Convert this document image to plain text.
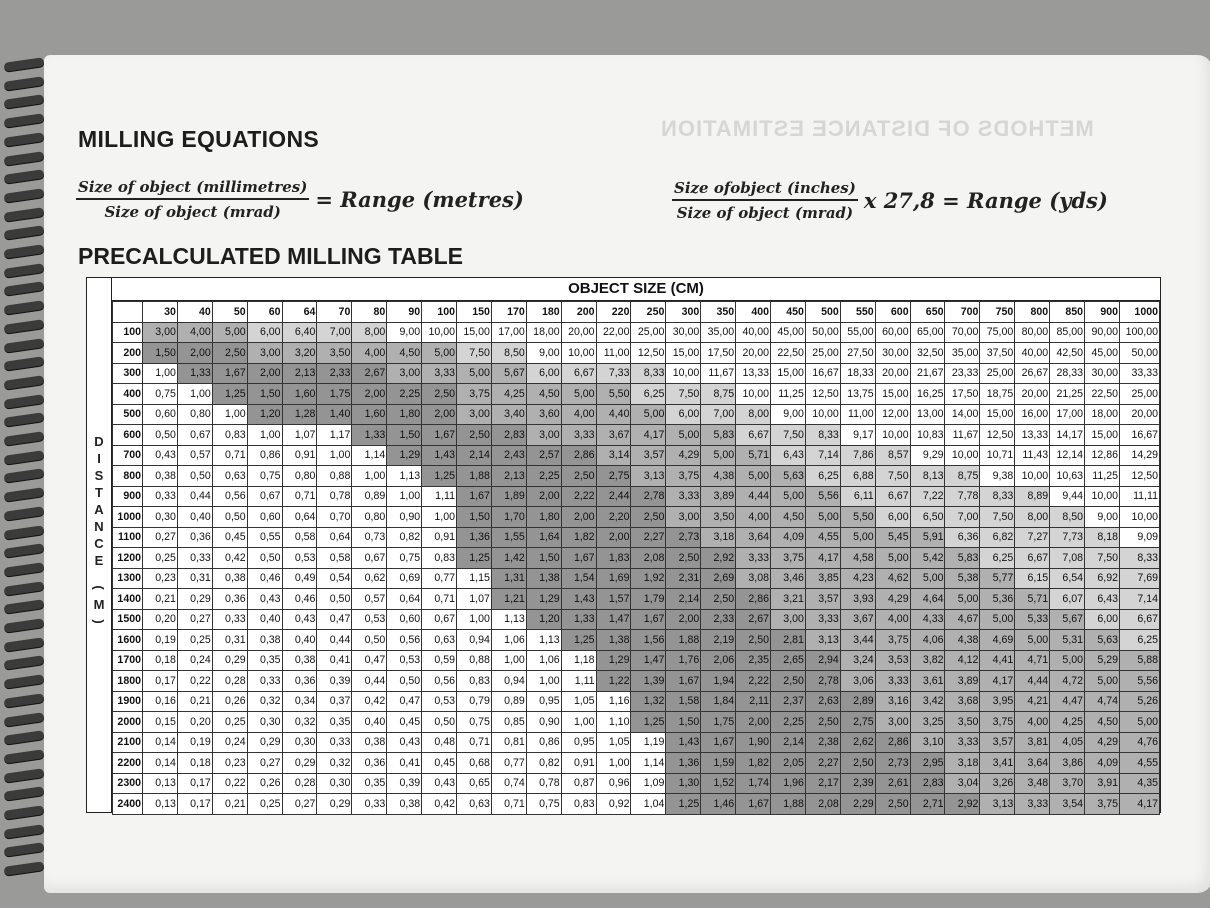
METHODS OF DISTANCE ESTIMATION
MILLING EQUATIONS
$\frac{\text{Size of object (millimetres)}}{\text{Size of object (mrad)}}$ = Range (metres)	$\frac{\text{Size ofobject (inches)}}{\text{Size of object (mrad)}}$ x 27,8 = Range (yds)
PRECALCULATED MILLING TABLE
D
I
S
T
A
N
C
E

(
M
)
OBJECT SIZE (CM)
	30	40	50	60	64	70	80	90	100	150	170	180	200	220	250	300	350	400	450	500	550	600	650	700	750	800	850	900	1000
100	3,00	4,00	5,00	6,00	6,40	7,00	8,00	9,00	10,00	15,00	17,00	18,00	20,00	22,00	25,00	30,00	35,00	40,00	45,00	50,00	55,00	60,00	65,00	70,00	75,00	80,00	85,00	90,00	100,00
200	1,50	2,00	2,50	3,00	3,20	3,50	4,00	4,50	5,00	7,50	8,50	9,00	10,00	11,00	12,50	15,00	17,50	20,00	22,50	25,00	27,50	30,00	32,50	35,00	37,50	40,00	42,50	45,00	50,00
300	1,00	1,33	1,67	2,00	2,13	2,33	2,67	3,00	3,33	5,00	5,67	6,00	6,67	7,33	8,33	10,00	11,67	13,33	15,00	16,67	18,33	20,00	21,67	23,33	25,00	26,67	28,33	30,00	33,33
400	0,75	1,00	1,25	1,50	1,60	1,75	2,00	2,25	2,50	3,75	4,25	4,50	5,00	5,50	6,25	7,50	8,75	10,00	11,25	12,50	13,75	15,00	16,25	17,50	18,75	20,00	21,25	22,50	25,00
500	0,60	0,80	1,00	1,20	1,28	1,40	1,60	1,80	2,00	3,00	3,40	3,60	4,00	4,40	5,00	6,00	7,00	8,00	9,00	10,00	11,00	12,00	13,00	14,00	15,00	16,00	17,00	18,00	20,00
600	0,50	0,67	0,83	1,00	1,07	1,17	1,33	1,50	1,67	2,50	2,83	3,00	3,33	3,67	4,17	5,00	5,83	6,67	7,50	8,33	9,17	10,00	10,83	11,67	12,50	13,33	14,17	15,00	16,67
700	0,43	0,57	0,71	0,86	0,91	1,00	1,14	1,29	1,43	2,14	2,43	2,57	2,86	3,14	3,57	4,29	5,00	5,71	6,43	7,14	7,86	8,57	9,29	10,00	10,71	11,43	12,14	12,86	14,29
800	0,38	0,50	0,63	0,75	0,80	0,88	1,00	1,13	1,25	1,88	2,13	2,25	2,50	2,75	3,13	3,75	4,38	5,00	5,63	6,25	6,88	7,50	8,13	8,75	9,38	10,00	10,63	11,25	12,50
900	0,33	0,44	0,56	0,67	0,71	0,78	0,89	1,00	1,11	1,67	1,89	2,00	2,22	2,44	2,78	3,33	3,89	4,44	5,00	5,56	6,11	6,67	7,22	7,78	8,33	8,89	9,44	10,00	11,11
1000	0,30	0,40	0,50	0,60	0,64	0,70	0,80	0,90	1,00	1,50	1,70	1,80	2,00	2,20	2,50	3,00	3,50	4,00	4,50	5,00	5,50	6,00	6,50	7,00	7,50	8,00	8,50	9,00	10,00
1100	0,27	0,36	0,45	0,55	0,58	0,64	0,73	0,82	0,91	1,36	1,55	1,64	1,82	2,00	2,27	2,73	3,18	3,64	4,09	4,55	5,00	5,45	5,91	6,36	6,82	7,27	7,73	8,18	9,09
1200	0,25	0,33	0,42	0,50	0,53	0,58	0,67	0,75	0,83	1,25	1,42	1,50	1,67	1,83	2,08	2,50	2,92	3,33	3,75	4,17	4,58	5,00	5,42	5,83	6,25	6,67	7,08	7,50	8,33
1300	0,23	0,31	0,38	0,46	0,49	0,54	0,62	0,69	0,77	1,15	1,31	1,38	1,54	1,69	1,92	2,31	2,69	3,08	3,46	3,85	4,23	4,62	5,00	5,38	5,77	6,15	6,54	6,92	7,69
1400	0,21	0,29	0,36	0,43	0,46	0,50	0,57	0,64	0,71	1,07	1,21	1,29	1,43	1,57	1,79	2,14	2,50	2,86	3,21	3,57	3,93	4,29	4,64	5,00	5,36	5,71	6,07	6,43	7,14
1500	0,20	0,27	0,33	0,40	0,43	0,47	0,53	0,60	0,67	1,00	1,13	1,20	1,33	1,47	1,67	2,00	2,33	2,67	3,00	3,33	3,67	4,00	4,33	4,67	5,00	5,33	5,67	6,00	6,67
1600	0,19	0,25	0,31	0,38	0,40	0,44	0,50	0,56	0,63	0,94	1,06	1,13	1,25	1,38	1,56	1,88	2,19	2,50	2,81	3,13	3,44	3,75	4,06	4,38	4,69	5,00	5,31	5,63	6,25
1700	0,18	0,24	0,29	0,35	0,38	0,41	0,47	0,53	0,59	0,88	1,00	1,06	1,18	1,29	1,47	1,76	2,06	2,35	2,65	2,94	3,24	3,53	3,82	4,12	4,41	4,71	5,00	5,29	5,88
1800	0,17	0,22	0,28	0,33	0,36	0,39	0,44	0,50	0,56	0,83	0,94	1,00	1,11	1,22	1,39	1,67	1,94	2,22	2,50	2,78	3,06	3,33	3,61	3,89	4,17	4,44	4,72	5,00	5,56
1900	0,16	0,21	0,26	0,32	0,34	0,37	0,42	0,47	0,53	0,79	0,89	0,95	1,05	1,16	1,32	1,58	1,84	2,11	2,37	2,63	2,89	3,16	3,42	3,68	3,95	4,21	4,47	4,74	5,26
2000	0,15	0,20	0,25	0,30	0,32	0,35	0,40	0,45	0,50	0,75	0,85	0,90	1,00	1,10	1,25	1,50	1,75	2,00	2,25	2,50	2,75	3,00	3,25	3,50	3,75	4,00	4,25	4,50	5,00
2100	0,14	0,19	0,24	0,29	0,30	0,33	0,38	0,43	0,48	0,71	0,81	0,86	0,95	1,05	1,19	1,43	1,67	1,90	2,14	2,38	2,62	2,86	3,10	3,33	3,57	3,81	4,05	4,29	4,76
2200	0,14	0,18	0,23	0,27	0,29	0,32	0,36	0,41	0,45	0,68	0,77	0,82	0,91	1,00	1,14	1,36	1,59	1,82	2,05	2,27	2,50	2,73	2,95	3,18	3,41	3,64	3,86	4,09	4,55
2300	0,13	0,17	0,22	0,26	0,28	0,30	0,35	0,39	0,43	0,65	0,74	0,78	0,87	0,96	1,09	1,30	1,52	1,74	1,96	2,17	2,39	2,61	2,83	3,04	3,26	3,48	3,70	3,91	4,35
2400	0,13	0,17	0,21	0,25	0,27	0,29	0,33	0,38	0,42	0,63	0,71	0,75	0,83	0,92	1,04	1,25	1,46	1,67	1,88	2,08	2,29	2,50	2,71	2,92	3,13	3,33	3,54	3,75	4,17
